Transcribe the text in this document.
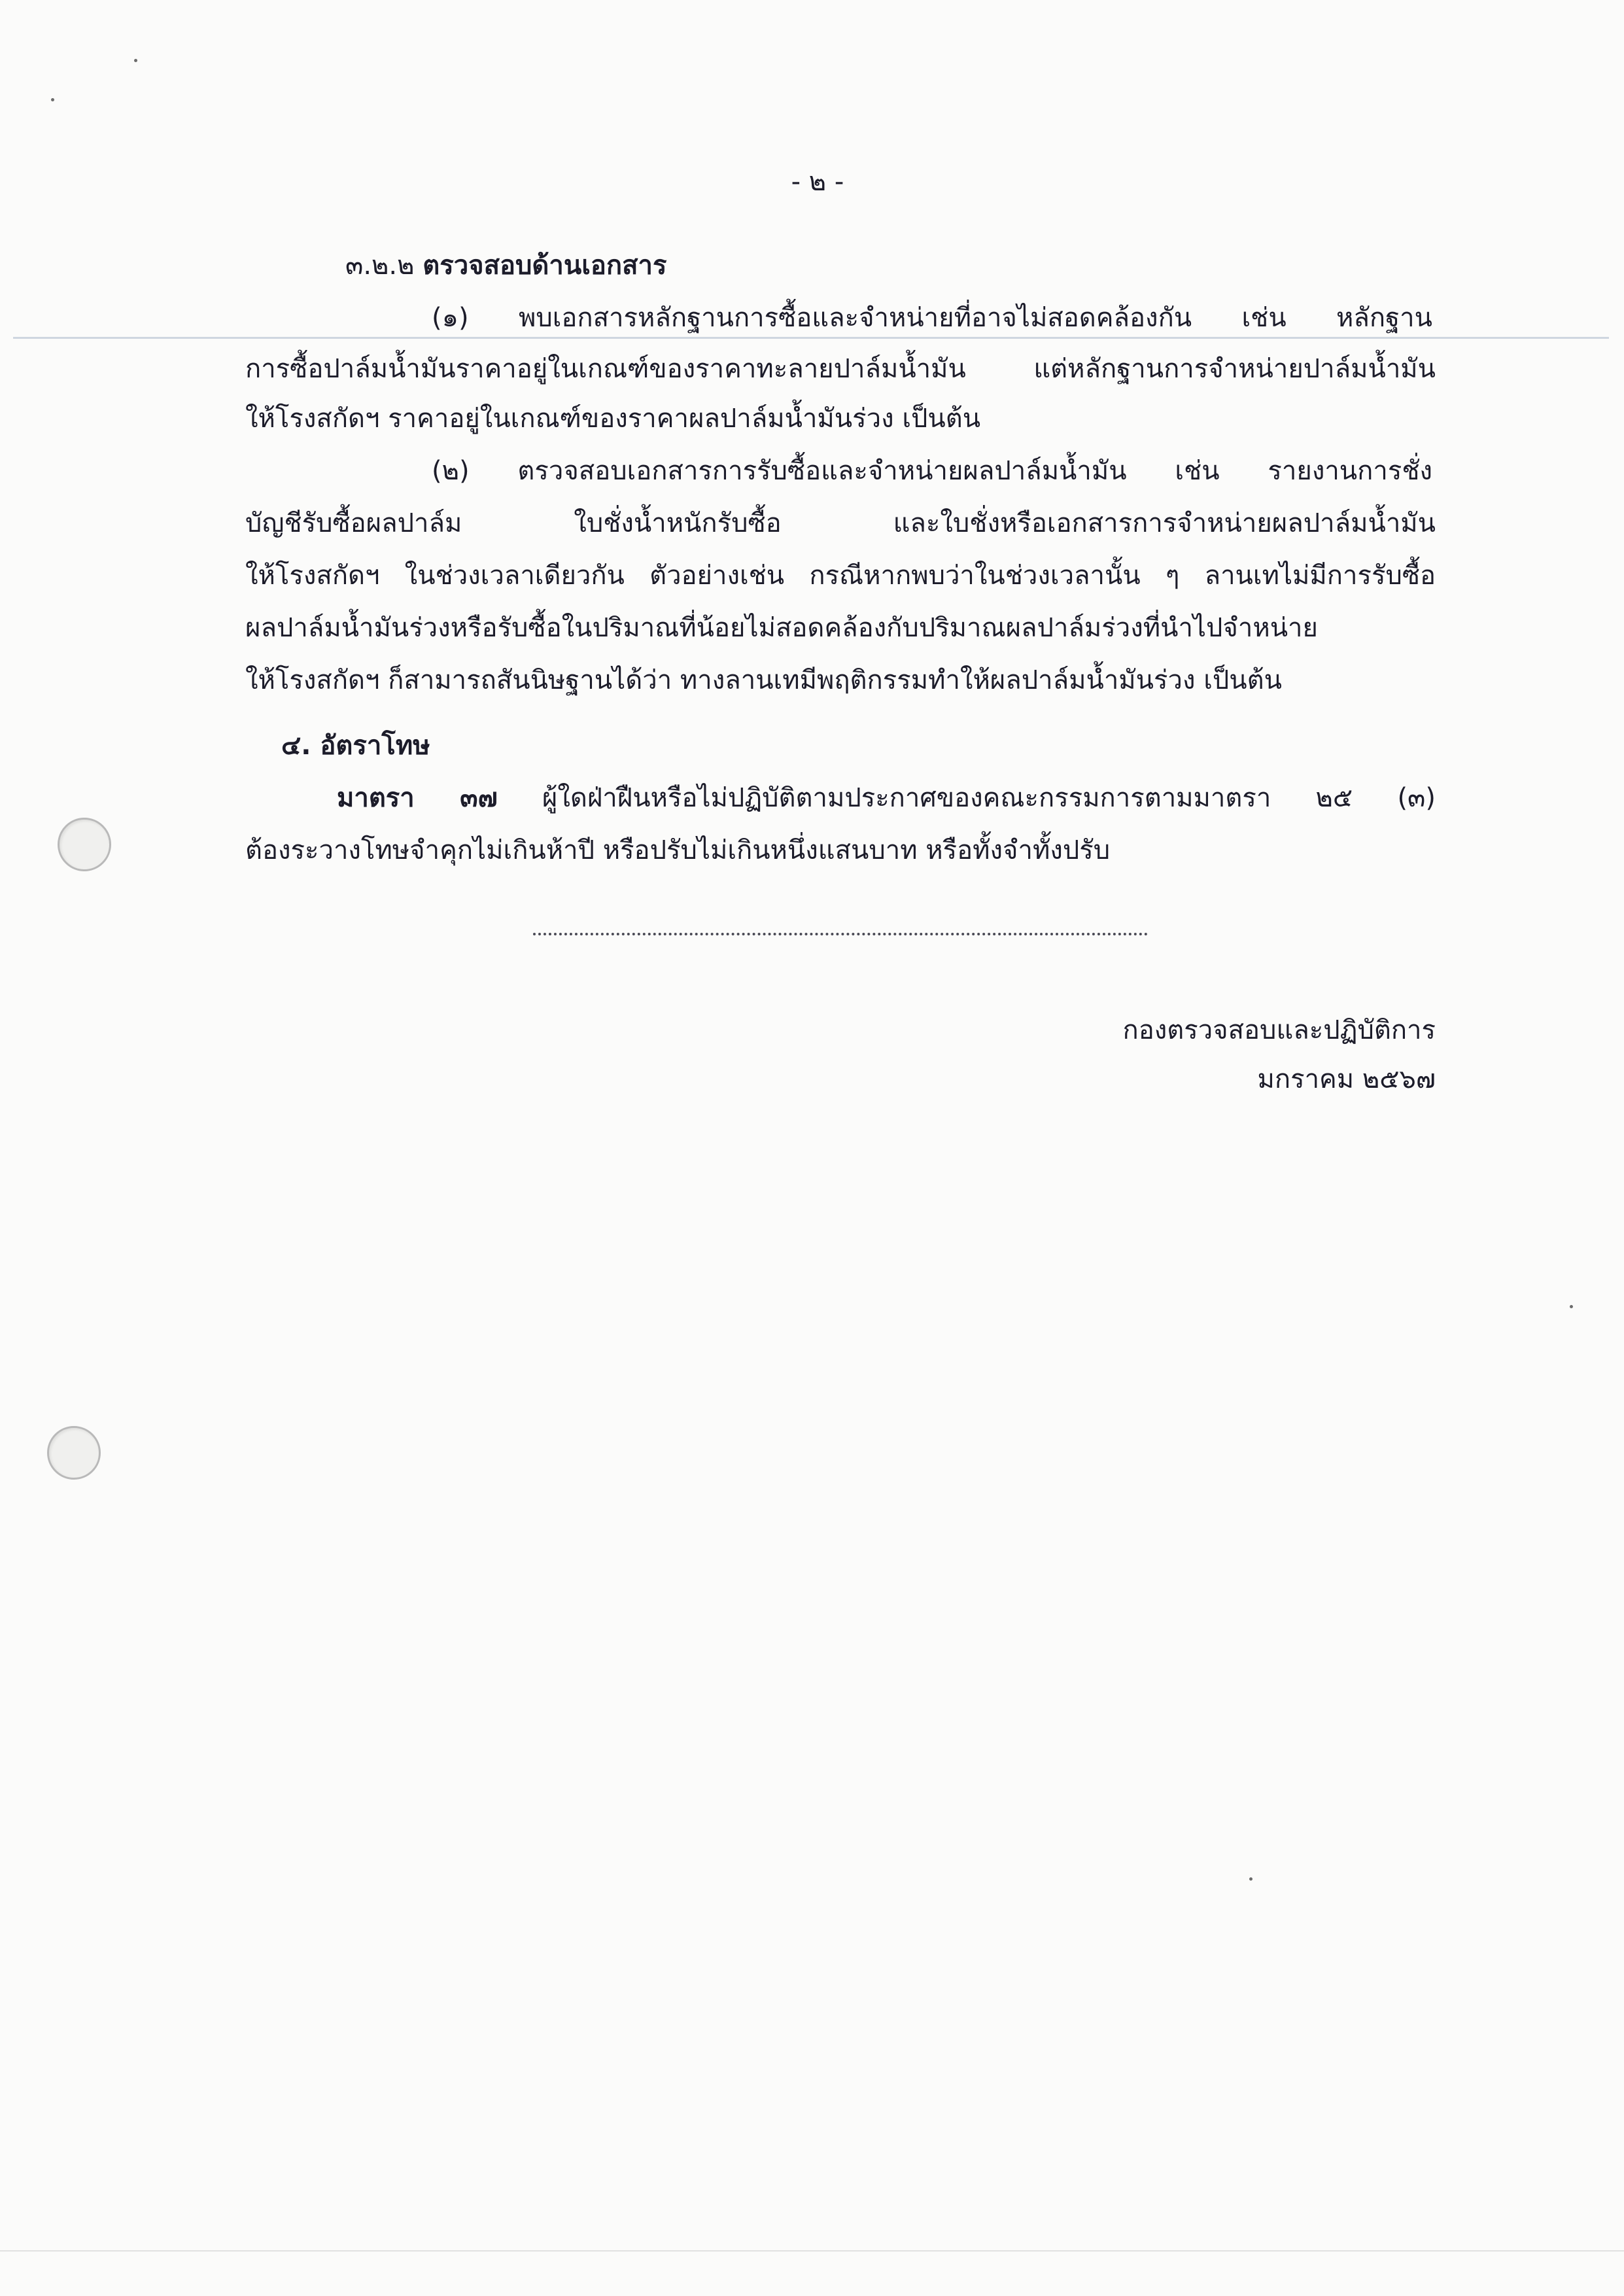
- ๒ -
๓.๒.๒ ตรวจสอบด้านเอกสาร
(๑) พบเอกสารหลักฐานการซื้อและจำหน่ายที่อาจไม่สอดคล้องกัน เช่น หลักฐาน
การซื้อปาล์มน้ำมันราคาอยู่ในเกณฑ์ของราคาทะลายปาล์มน้ำมัน แต่หลักฐานการจำหน่ายปาล์มน้ำมัน
ให้โรงสกัดฯ ราคาอยู่ในเกณฑ์ของราคาผลปาล์มน้ำมันร่วง เป็นต้น
(๒) ตรวจสอบเอกสารการรับซื้อและจำหน่ายผลปาล์มน้ำมัน เช่น รายงานการชั่ง
บัญชีรับซื้อผลปาล์ม ใบชั่งน้ำหนักรับซื้อ และใบชั่งหรือเอกสารการจำหน่ายผลปาล์มน้ำมัน
ให้โรงสกัดฯ ในช่วงเวลาเดียวกัน ตัวอย่างเช่น กรณีหากพบว่าในช่วงเวลานั้น ๆ ลานเทไม่มีการรับซื้อ
ผลปาล์มน้ำมันร่วงหรือรับซื้อในปริมาณที่น้อยไม่สอดคล้องกับปริมาณผลปาล์มร่วงที่นำไปจำหน่าย
ให้โรงสกัดฯ ก็สามารถสันนิษฐานได้ว่า ทางลานเทมีพฤติกรรมทำให้ผลปาล์มน้ำมันร่วง เป็นต้น
๔. อัตราโทษ
มาตรา ๓๗ ผู้ใดฝ่าฝืนหรือไม่ปฏิบัติตามประกาศของคณะกรรมการตามมาตรา ๒๕ (๓)
ต้องระวางโทษจำคุกไม่เกินห้าปี หรือปรับไม่เกินหนึ่งแสนบาท หรือทั้งจำทั้งปรับ
กองตรวจสอบและปฏิบัติการ
มกราคม ๒๕๖๗
